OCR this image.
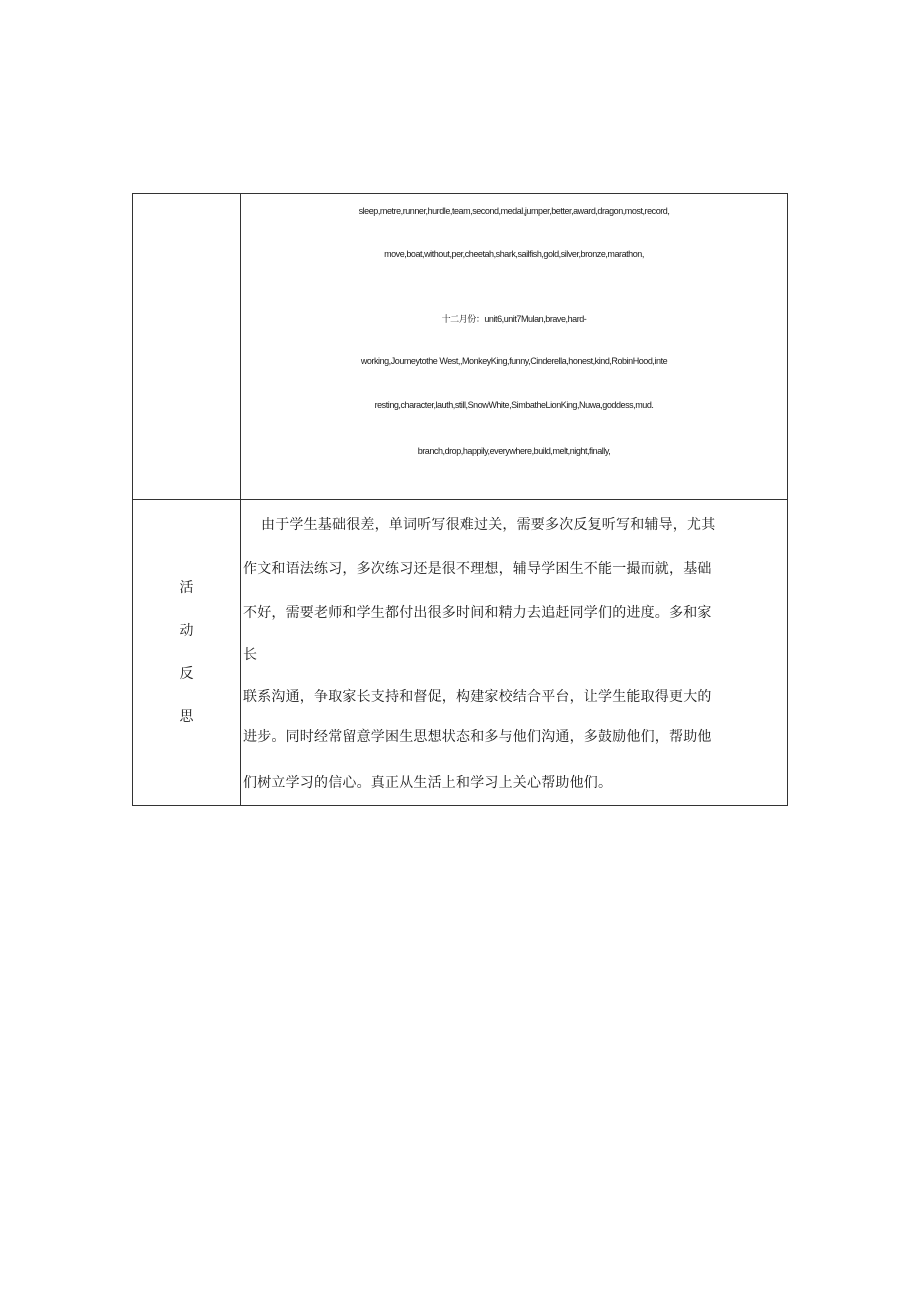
sleep,metre,runner,hurdle,team,second,medal,jumper,better,award,dragon,most,record,
move,boat,without,per,cheetah,shark,sailfish,gold,silver,bronze,marathon,
十二月份：unit6,unit7Mulan,brave,hard-
working,Joumeytothe West,,MonkeyKing,funny,Cinderella,honest,kind,RobinHood,inte
resting,character,lauth,still,SnowWhite,SimbatheLionKing,Nuwa,goddess,mud.
branch,drop,happily,everywhere,build,melt,night,finally,
活
动
反
思
由于学生基础很差，单词听写很难过关，需要多次反复听写和辅导，尤其
作文和语法练习，多次练习还是很不理想，辅导学困生不能一撮而就，基础
不好，需要老师和学生都付出很多时间和精力去追赶同学们的进度。多和家
长
联系沟通，争取家长支持和督促，构建家校结合平台，让学生能取得更大的
进步。同时经常留意学困生思想状态和多与他们沟通，多鼓励他们，帮助他
们树立学习的信心。真正从生活上和学习上关心帮助他们。
